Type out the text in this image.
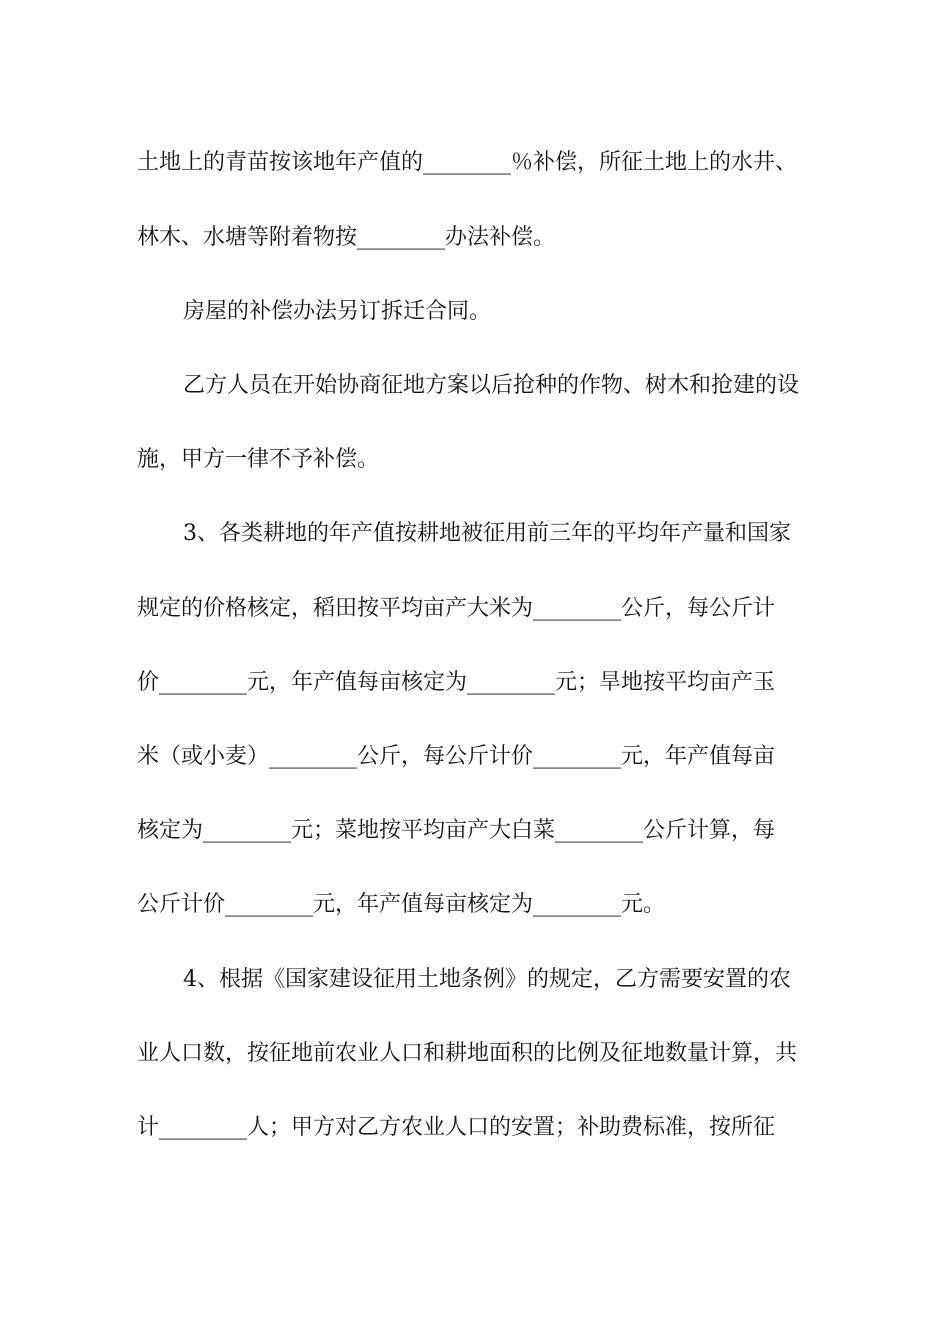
土地上的青苗按该地年产值的________％补偿，所征土地上的水井、
林木、水塘等附着物按________办法补偿。
房屋的补偿办法另订拆迁合同。
乙方人员在开始协商征地方案以后抢种的作物、树木和抢建的设
施，甲方一律不予补偿。
3、各类耕地的年产值按耕地被征用前三年的平均年产量和国家
规定的价格核定，稻田按平均亩产大米为________公斤，每公斤计
价________元，年产值每亩核定为________元；旱地按平均亩产玉
米（或小麦）________公斤，每公斤计价________元，年产值每亩
核定为________元；菜地按平均亩产大白菜________公斤计算，每
公斤计价________元，年产值每亩核定为________元。
4、根据《国家建设征用土地条例》的规定，乙方需要安置的农
业人口数，按征地前农业人口和耕地面积的比例及征地数量计算，共
计________人；甲方对乙方农业人口的安置；补助费标准，按所征
